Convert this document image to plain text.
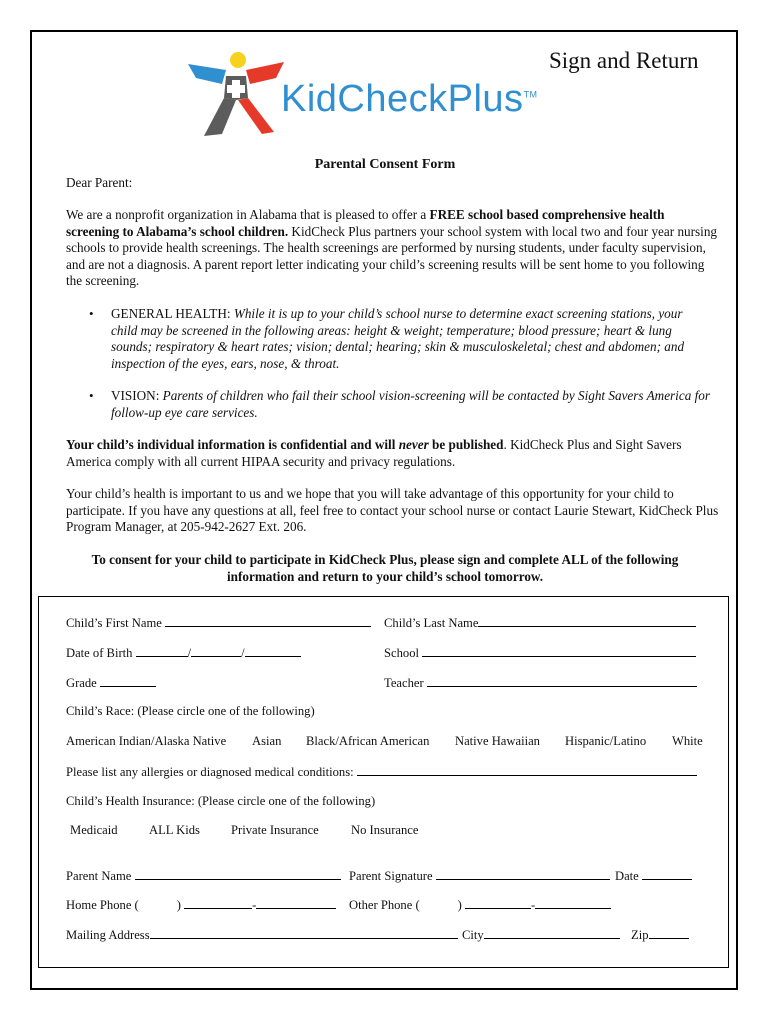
Sign and Return
KidCheckPlus™
Parental Consent Form
Dear Parent:
We are a nonprofit organization in Alabama that is pleased to offer a FREE school based comprehensive health screening to Alabama’s school children. KidCheck Plus partners your school system with local two and four year nursing schools to provide health screenings. The health screenings are performed by nursing students, under faculty supervision, and are not a diagnosis. A parent report letter indicating your child’s screening results will be sent home to you following the screening.
• GENERAL HEALTH: While it is up to your child’s school nurse to determine exact screening stations, your child may be screened in the following areas: height & weight; temperature; blood pressure; heart & lung sounds; respiratory & heart rates; vision; dental; hearing; skin & musculoskeletal; chest and abdomen; and inspection of the eyes, ears, nose, & throat.
• VISION: Parents of children who fail their school vision-screening will be contacted by Sight Savers America for follow-up eye care services.
Your child’s individual information is confidential and will never be published. KidCheck Plus and Sight Savers America comply with all current HIPAA security and privacy regulations.
Your child’s health is important to us and we hope that you will take advantage of this opportunity for your child to participate. If you have any questions at all, feel free to contact your school nurse or contact Laurie Stewart, KidCheck Plus Program Manager, at 205-942-2627 Ext. 206.
To consent for your child to participate in KidCheck Plus, please sign and complete ALL of the following information and return to your child’s school tomorrow.
Child’s First Name	Child’s Last Name
Date of Birth	/	/	School
Grade	Teacher
Child’s Race: (Please circle one of the following)
American Indian/Alaska Native Asian Black/African American Native Hawaiian Hispanic/Latino White
Please list any allergies or diagnosed medical conditions:
Child’s Health Insurance: (Please circle one of the following)
Medicaid ALL Kids Private Insurance	No Insurance
Parent Name	Parent Signature	Date
Home Phone (	)	-	Other Phone (	)	-
Mailing Address	City	Zip
